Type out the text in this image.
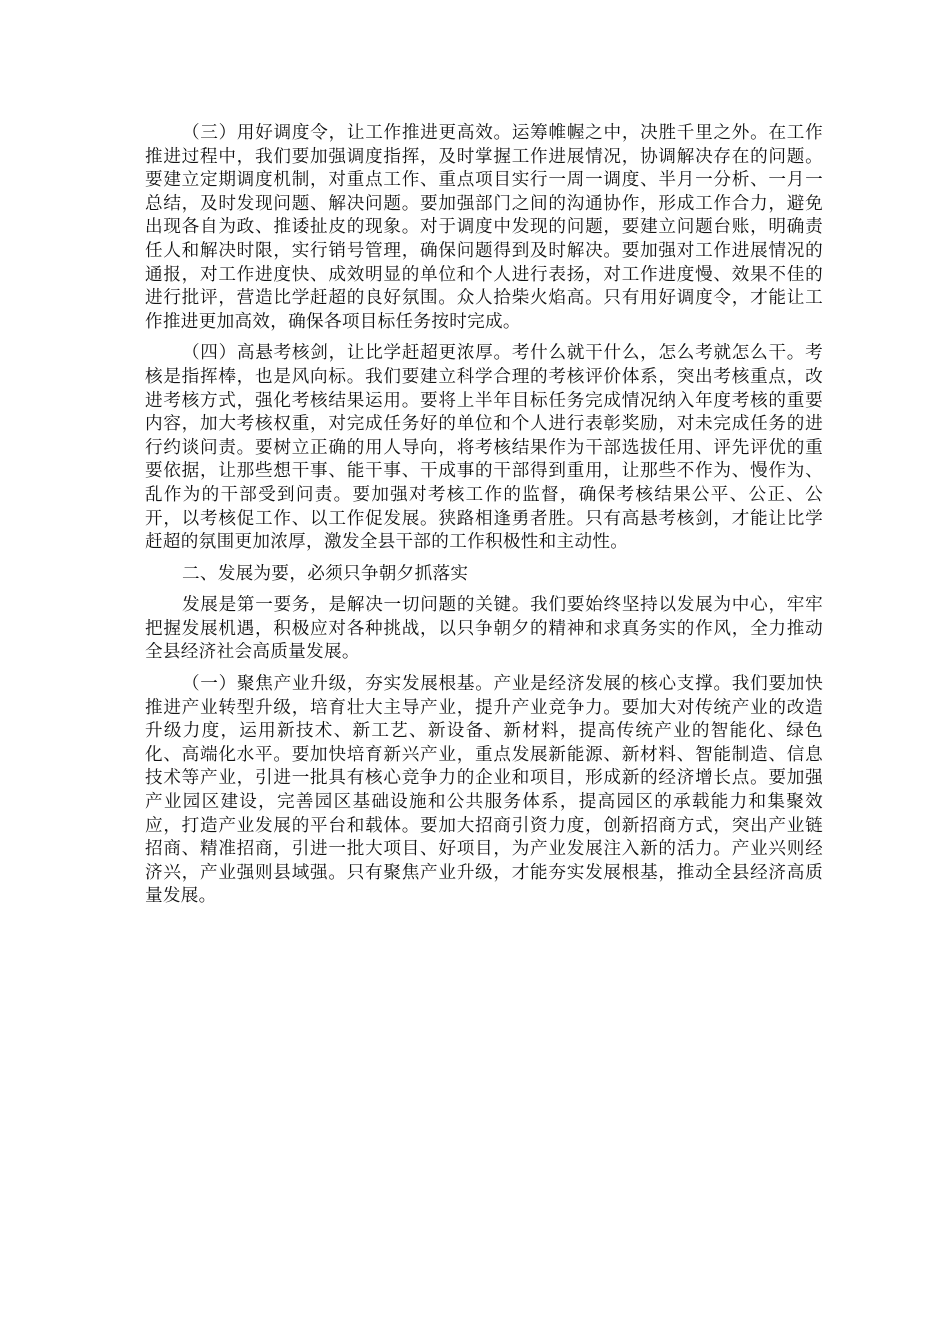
（三）用好调度令，让工作推进更高效。运筹帷幄之中，决胜千里之外。在工作推进过程中，我们要加强调度指挥，及时掌握工作进展情况，协调解决存在的问题。要建立定期调度机制，对重点工作、重点项目实行一周一调度、半月一分析、一月一总结，及时发现问题、解决问题。要加强部门之间的沟通协作，形成工作合力，避免出现各自为政、推诿扯皮的现象。对于调度中发现的问题，要建立问题台账，明确责任人和解决时限，实行销号管理，确保问题得到及时解决。要加强对工作进展情况的通报，对工作进度快、成效明显的单位和个人进行表扬，对工作进度慢、效果不佳的进行批评，营造比学赶超的良好氛围。众人拾柴火焰高。只有用好调度令，才能让工作推进更加高效，确保各项目标任务按时完成。

（四）高悬考核剑，让比学赶超更浓厚。考什么就干什么，怎么考就怎么干。考核是指挥棒，也是风向标。我们要建立科学合理的考核评价体系，突出考核重点，改进考核方式，强化考核结果运用。要将上半年目标任务完成情况纳入年度考核的重要内容，加大考核权重，对完成任务好的单位和个人进行表彰奖励，对未完成任务的进行约谈问责。要树立正确的用人导向，将考核结果作为干部选拔任用、评先评优的重要依据，让那些想干事、能干事、干成事的干部得到重用，让那些不作为、慢作为、乱作为的干部受到问责。要加强对考核工作的监督，确保考核结果公平、公正、公开，以考核促工作、以工作促发展。狭路相逢勇者胜。只有高悬考核剑，才能让比学赶超的氛围更加浓厚，激发全县干部的工作积极性和主动性。

二、发展为要，必须只争朝夕抓落实

发展是第一要务，是解决一切问题的关键。我们要始终坚持以发展为中心，牢牢把握发展机遇，积极应对各种挑战，以只争朝夕的精神和求真务实的作风，全力推动全县经济社会高质量发展。

（一）聚焦产业升级，夯实发展根基。产业是经济发展的核心支撑。我们要加快推进产业转型升级，培育壮大主导产业，提升产业竞争力。要加大对传统产业的改造升级力度，运用新技术、新工艺、新设备、新材料，提高传统产业的智能化、绿色化、高端化水平。要加快培育新兴产业，重点发展新能源、新材料、智能制造、信息技术等产业，引进一批具有核心竞争力的企业和项目，形成新的经济增长点。要加强产业园区建设，完善园区基础设施和公共服务体系，提高园区的承载能力和集聚效应，打造产业发展的平台和载体。要加大招商引资力度，创新招商方式，突出产业链招商、精准招商，引进一批大项目、好项目，为产业发展注入新的活力。产业兴则经济兴，产业强则县域强。只有聚焦产业升级，才能夯实发展根基，推动全县经济高质量发展。
